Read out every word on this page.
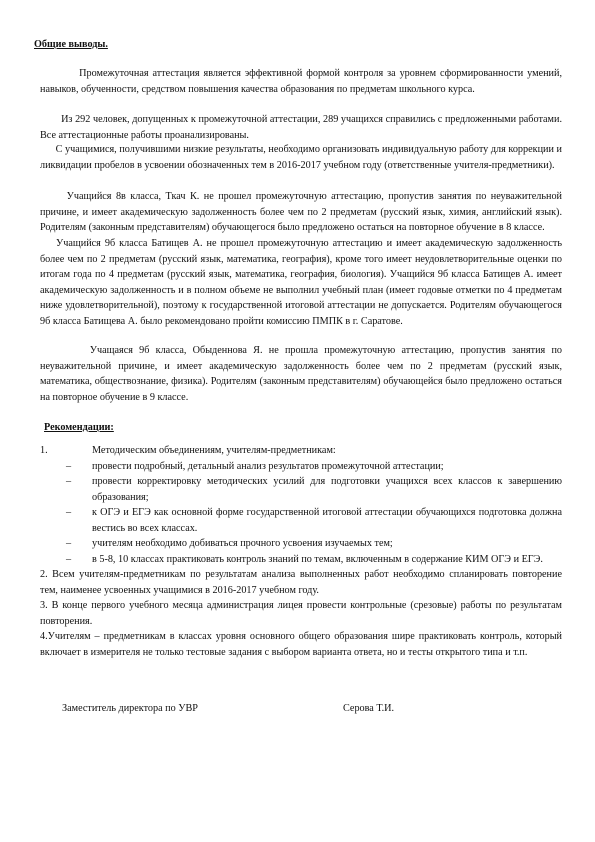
Общие выводы.
Промежуточная аттестация является эффективной формой контроля за уровнем сформированности умений, навыков, обученности, средством повышения качества образования по предметам школьного курса.
Из 292 человек, допущенных к промежуточной аттестации, 289 учащихся справились с предложенными работами. Все аттестационные работы проанализированы.
С учащимися, получившими низкие результаты, необходимо организовать индивидуальную работу для коррекции и ликвидации пробелов в усвоении обозначенных тем в 2016-2017 учебном году (ответственные учителя-предметники).
Учащийся 8в класса, Ткач К. не прошел промежуточную аттестацию, пропустив занятия по неуважительной причине, и имеет академическую задолженность более чем по 2 предметам (русский язык, химия, английский язык). Родителям (законным представителям) обучающегося было предложено остаться на повторное обучение в 8 классе.
Учащийся 9б класса Батищев А. не прошел промежуточную аттестацию и имеет академическую задолженность более чем по 2 предметам (русский язык, математика, география), кроме того имеет неудовлетворительные оценки по итогам года по 4 предметам (русский язык, математика, география, биология). Учащийся 9б класса Батищев А. имеет академическую задолженность и в полном объеме не выполнил учебный план (имеет годовые отметки по 4 предметам ниже удовлетворительной), поэтому к государственной итоговой аттестации не допускается. Родителям обучающегося 9б класса Батищева А. было рекомендовано пройти комиссию ПМПК в г. Саратове.
Учащаяся 9б класса, Обыденнова Я. не прошла промежуточную аттестацию, пропустив занятия по неуважительной причине, и имеет академическую задолженность более чем по 2 предметам (русский язык, математика, обществознание, физика). Родителям (законным представителям) обучающейся было предложено остаться на повторное обучение в 9 классе.
Рекомендации:
1.	Методическим объединениям, учителям-предметникам:
– провести подробный, детальный анализ результатов промежуточной аттестации;
– провести корректировку методических усилий для подготовки учащихся всех классов к завершению образования;
– к ОГЭ и ЕГЭ как основной форме государственной итоговой аттестации обучающихся подготовка должна вестись во всех классах.
– учителям необходимо добиваться прочного усвоения изучаемых тем;
– в 5-8, 10 классах практиковать контроль знаний по темам, включенным в содержание КИМ ОГЭ и ЕГЭ.
2. Всем учителям-предметникам по результатам анализа выполненных работ необходимо спланировать повторение тем, наименее усвоенных учащимися в 2016-2017 учебном году.
3. В конце первого учебного месяца администрация лицея провести контрольные (срезовые) работы по результатам повторения.
4.Учителям – предметникам в классах уровня основного общего образования шире практиковать контроль, который включает в измерителя не только тестовые задания с выбором варианта ответа, но и тесты открытого типа и т.п.
Заместитель директора по УВР	Серова Т.И.
